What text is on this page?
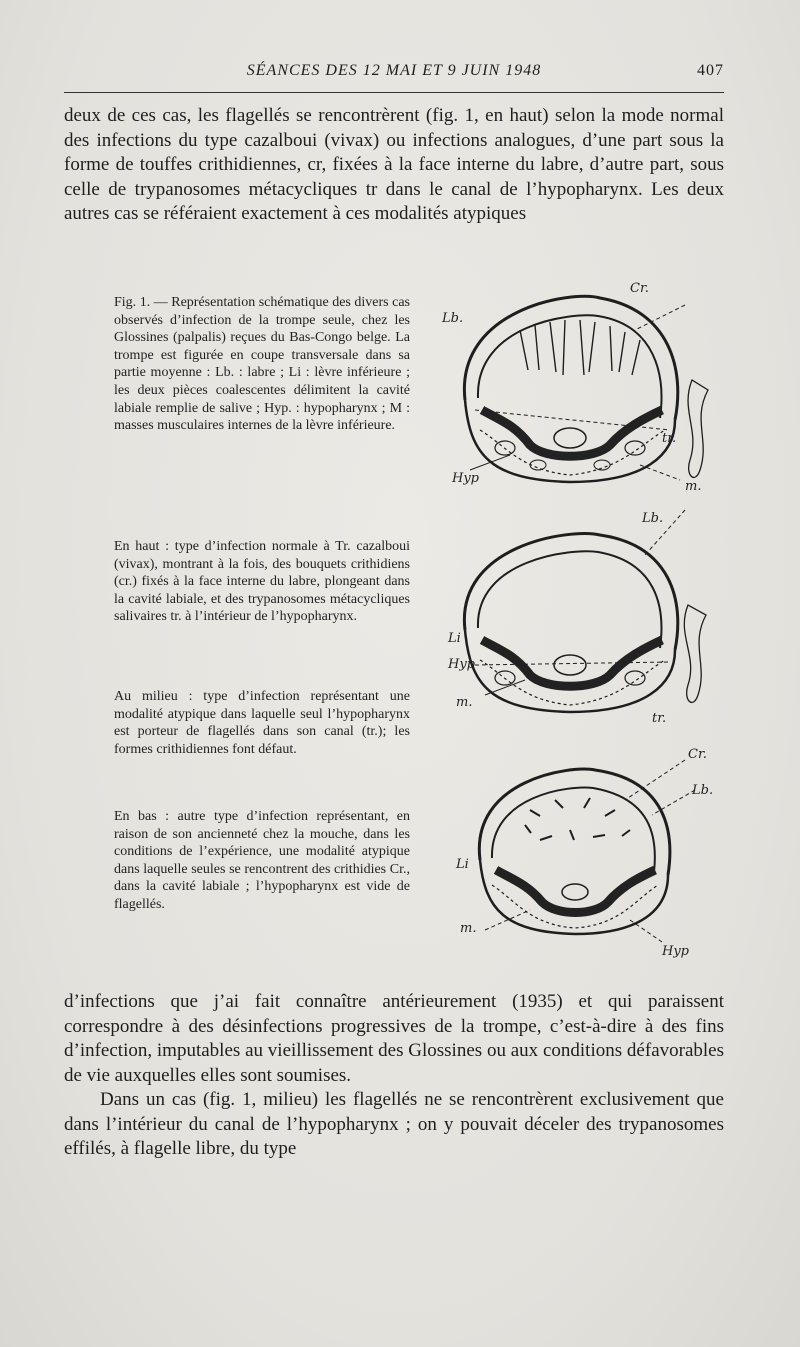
SÉANCES DES 12 MAI ET 9 JUIN 1948	407

deux de ces cas, les flagellés se rencontrèrent (fig. 1, en haut) selon la mode normal des infections du type cazalboui (vivax) ou infections analogues, d’une part sous la forme de touffes crithidiennes, cr, fixées à la face interne du labre, d’autre part, sous celle de trypanosomes métacycliques tr dans le canal de l’hypopharynx. Les deux autres cas se référaient exactement à ces modalités atypiques

Fig. 1. — Représentation schématique des divers cas observés d’infection de la trompe seule, chez les Glossines (palpalis) reçues du Bas-Congo belge. La trompe est figurée en coupe transversale dans sa partie moyenne : Lb. : labre ; Li : lèvre inférieure ; les deux pièces coalescentes délimitent la cavité labiale remplie de salive ; Hyp. : hypopharynx ; M : masses musculaires internes de la lèvre inférieure.

En haut : type d’infection normale à Tr. cazalboui (vivax), montrant à la fois, des bouquets crithidiens (cr.) fixés à la face interne du labre, plongeant dans la cavité labiale, et des trypanosomes métacycliques salivaires tr. à l’intérieur de l’hypopharynx.

Au milieu : type d’infection représentant une modalité atypique dans laquelle seul l’hypopharynx est porteur de flagellés dans son canal (tr.); les formes crithidiennes font défaut.

En bas : autre type d’infection représentant, en raison de son ancienneté chez la mouche, dans les conditions de l’expérience, une modalité atypique dans laquelle seules se rencontrent des crithidies Cr., dans la cavité labiale ; l’hypopharynx est vide de flagellés.

Cr.
Lb.
tr.
Hyp
m.
Lb.
Li
Hyp
m.
tr.
Cr.
Lb.
Li
m.
Hyp

d’infections que j’ai fait connaître antérieurement (1935) et qui paraissent correspondre à des désinfections progressives de la trompe, c’est-à-dire à des fins d’infection, imputables au vieillissement des Glossines ou aux conditions défavorables de vie auxquelles elles sont soumises.

Dans un cas (fig. 1, milieu) les flagellés ne se rencontrèrent exclusivement que dans l’intérieur du canal de l’hypopharynx ; on y pouvait déceler des trypanosomes effilés, à flagelle libre, du type
